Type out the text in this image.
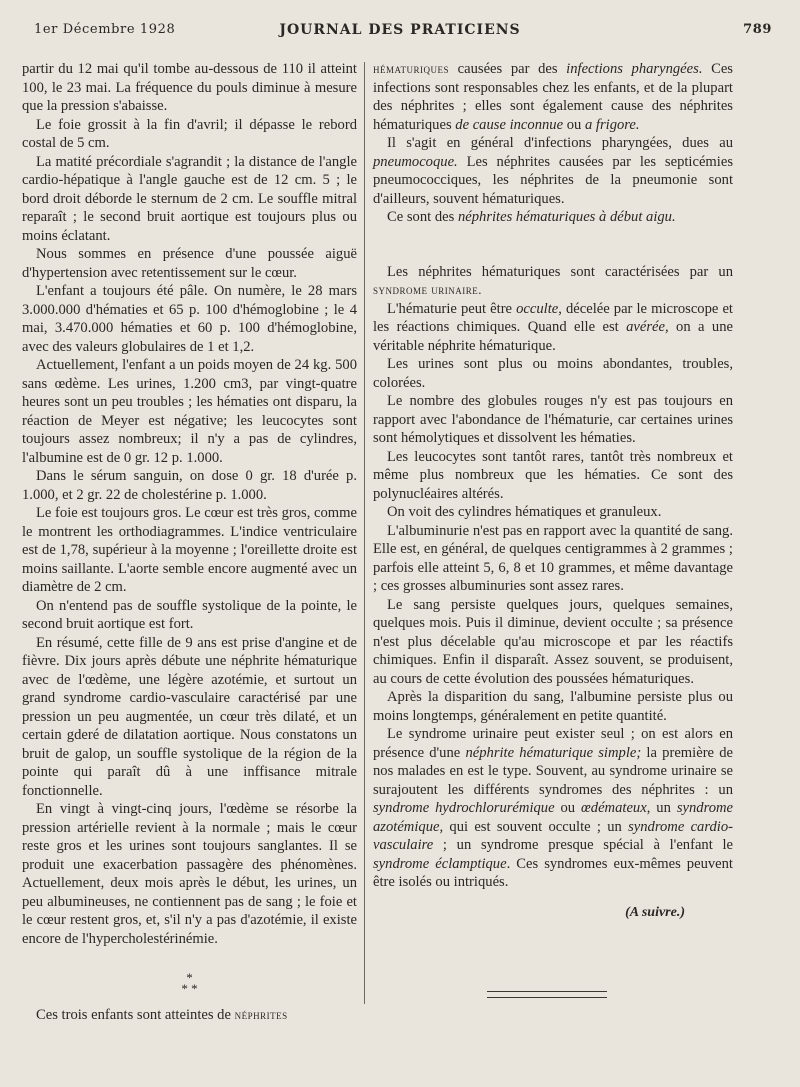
1er Décembre 1928	JOURNAL DES PRATICIENS	789

partir du 12 mai qu'il tombe au-dessous de 110 il atteint 100, le 23 mai. La fréquence du pouls diminue à mesure que la pression s'abaisse.

Le foie grossit à la fin d'avril; il dépasse le rebord costal de 5 cm.

La matité précordiale s'agrandit ; la distance de l'angle cardio-hépatique à l'angle gauche est de 12 cm. 5 ; le bord droit déborde le sternum de 2 cm. Le souffle mitral reparaît ; le second bruit aortique est toujours plus ou moins éclatant.

Nous sommes en présence d'une poussée aiguë d'hypertension avec retentissement sur le cœur.

L'enfant a toujours été pâle. On numère, le 28 mars 3.000.000 d'hématies et 65 p. 100 d'hémoglobine ; le 4 mai, 3.470.000 hématies et 60 p. 100 d'hémoglobine, avec des valeurs globulaires de 1 et 1,2.

Actuellement, l'enfant a un poids moyen de 24 kg. 500 sans œdème. Les urines, 1.200 cm3, par vingt-quatre heures sont un peu troubles ; les hématies ont disparu, la réaction de Meyer est négative; les leucocytes sont toujours assez nombreux; il n'y a pas de cylindres, l'albumine est de 0 gr. 12 p. 1.000.

Dans le sérum sanguin, on dose 0 gr. 18 d'urée p. 1.000, et 2 gr. 22 de cholestérine p. 1.000.

Le foie est toujours gros. Le cœur est très gros, comme le montrent les orthodiagrammes. L'indice ventriculaire est de 1,78, supérieur à la moyenne ; l'oreillette droite est moins saillante. L'aorte semble encore augmenté avec un diamètre de 2 cm.

On n'entend pas de souffle systolique de la pointe, le second bruit aortique est fort.

En résumé, cette fille de 9 ans est prise d'angine et de fièvre. Dix jours après débute une néphrite hématurique avec de l'œdème, une légère azotémie, et surtout un grand syndrome cardio-vasculaire caractérisé par une pression un peu augmentée, un cœur très dilaté, et un certain gderé de dilatation aortique. Nous constatons un bruit de galop, un souffle systolique de la région de la pointe qui paraît dû à une inffisance mitrale fonctionnelle.

En vingt à vingt-cinq jours, l'œdème se résorbe la pression artérielle revient à la normale ; mais le cœur reste gros et les urines sont toujours sanglantes. Il se produit une exacerbation passagère des phénomènes. Actuellement, deux mois après le début, les urines, un peu albumineuses, ne contiennent pas de sang ; le foie et le cœur restent gros, et, s'il n'y a pas d'azotémie, il existe encore de l'hypercholestérinémie.

*
* *

Ces trois enfants sont atteintes de néphrites

hématuriques causées par des infections pharyngées. Ces infections sont responsables chez les enfants, et de la plupart des néphrites ; elles sont également cause des néphrites hématuriques de cause inconnue ou a frigore.

Il s'agit en général d'infections pharyngées, dues au pneumocoque. Les néphrites causées par les septicémies pneumococciques, les néphrites de la pneumonie sont d'ailleurs, souvent hématuriques.

Ce sont des néphrites hématuriques à début aigu.

Les néphrites hématuriques sont caractérisées par un syndrome urinaire.

L'hématurie peut être occulte, décelée par le microscope et les réactions chimiques. Quand elle est avérée, on a une véritable néphrite hématurique.

Les urines sont plus ou moins abondantes, troubles, colorées.

Le nombre des globules rouges n'y est pas toujours en rapport avec l'abondance de l'hématurie, car certaines urines sont hémolytiques et dissolvent les hématies.

Les leucocytes sont tantôt rares, tantôt très nombreux et même plus nombreux que les hématies. Ce sont des polynucléaires altérés.

On voit des cylindres hématiques et granuleux.

L'albuminurie n'est pas en rapport avec la quantité de sang. Elle est, en général, de quelques centigrammes à 2 grammes ; parfois elle atteint 5, 6, 8 et 10 grammes, et même davantage ; ces grosses albuminuries sont assez rares.

Le sang persiste quelques jours, quelques semaines, quelques mois. Puis il diminue, devient occulte ; sa présence n'est plus décelable qu'au microscope et par les réactifs chimiques. Enfin il disparaît. Assez souvent, se produisent, au cours de cette évolution des poussées hématuriques.

Après la disparition du sang, l'albumine persiste plus ou moins longtemps, généralement en petite quantité.

Le syndrome urinaire peut exister seul ; on est alors en présence d'une néphrite hématurique simple; la première de nos malades en est le type. Souvent, au syndrome urinaire se surajoutent les différents syndromes des néphrites : un syndrome hydrochlorurémique ou œdémateux, un syndrome azotémique, qui est souvent occulte ; un syndrome cardio-vasculaire ; un syndrome presque spécial à l'enfant le syndrome éclamptique. Ces syndromes eux-mêmes peuvent être isolés ou intriqués.

(A suivre.)
